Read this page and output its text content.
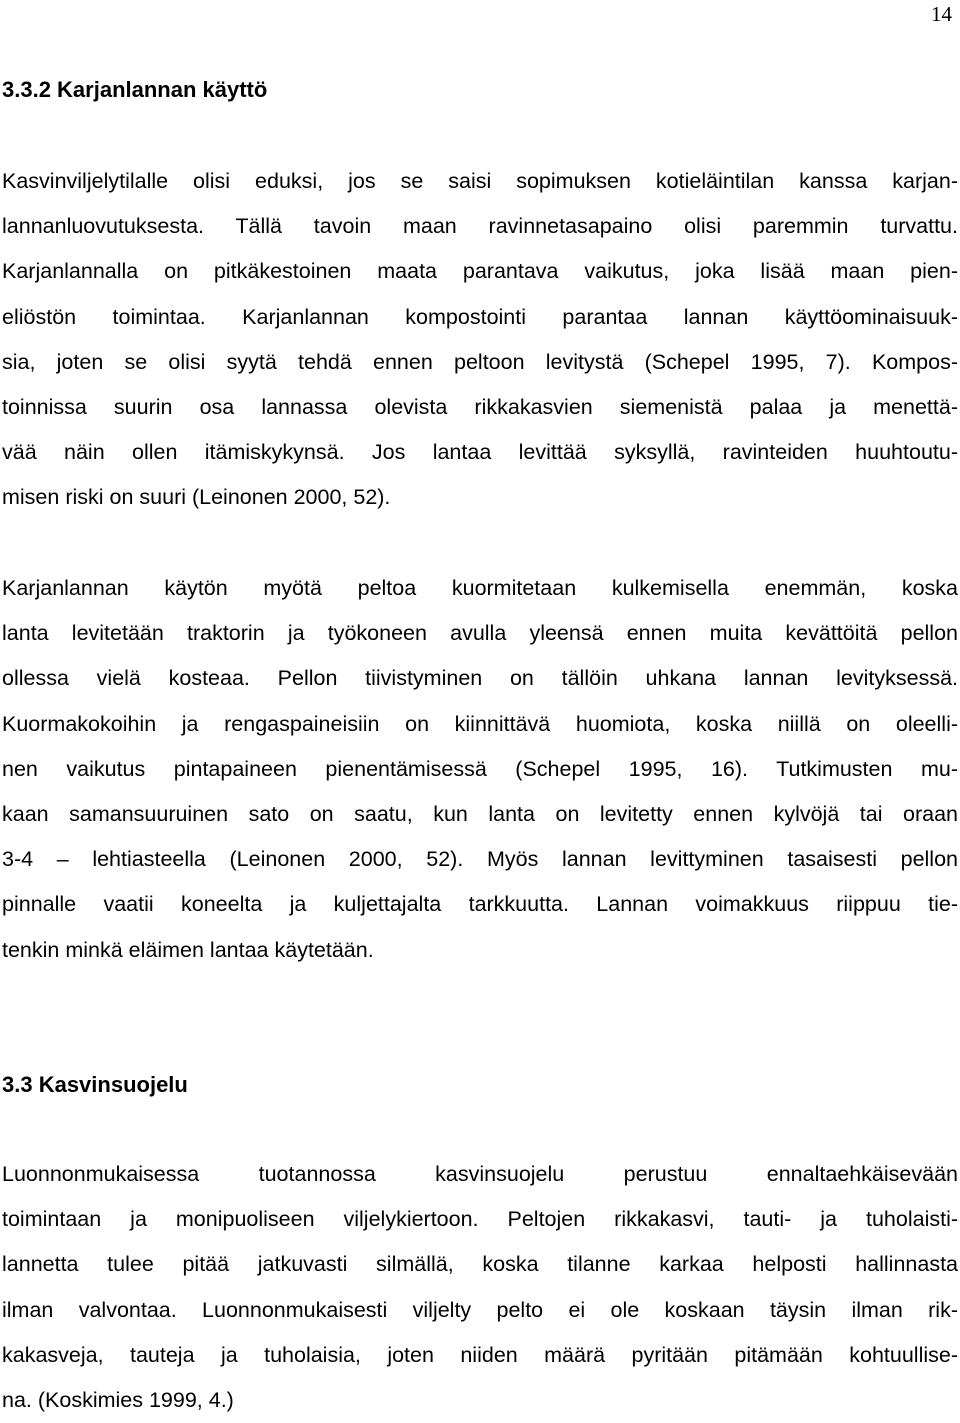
14
3.3.2 Karjanlannan käyttö
Kasvinviljelytilalle olisi eduksi, jos se saisi sopimuksen kotieläintilan kanssa karjan-
lannanluovutuksesta. Tällä tavoin maan ravinnetasapaino olisi paremmin turvattu.
Karjanlannalla on pitkäkestoinen maata parantava vaikutus, joka lisää maan pien-
eliöstön toimintaa. Karjanlannan kompostointi parantaa lannan käyttöominaisuuk-
sia, joten se olisi syytä tehdä ennen peltoon levitystä (Schepel 1995, 7). Kompos-
toinnissa suurin osa lannassa olevista rikkakasvien siemenistä palaa ja menettä-
vää näin ollen itämiskykynsä. Jos lantaa levittää syksyllä, ravinteiden huuhtoutu-
misen riski on suuri (Leinonen 2000, 52).
Karjanlannan käytön myötä peltoa kuormitetaan kulkemisella enemmän, koska
lanta levitetään traktorin ja työkoneen avulla yleensä ennen muita kevättöitä pellon
ollessa vielä kosteaa. Pellon tiivistyminen on tällöin uhkana lannan levityksessä.
Kuormakokoihin ja rengaspaineisiin on kiinnittävä huomiota, koska niillä on oleelli-
nen vaikutus pintapaineen pienentämisessä (Schepel 1995, 16). Tutkimusten mu-
kaan samansuuruinen sato on saatu, kun lanta on levitetty ennen kylvöjä tai oraan
3-4 – lehtiasteella (Leinonen 2000, 52). Myös lannan levittyminen tasaisesti pellon
pinnalle vaatii koneelta ja kuljettajalta tarkkuutta. Lannan voimakkuus riippuu tie-
tenkin minkä eläimen lantaa käytetään.
3.3 Kasvinsuojelu
Luonnonmukaisessa tuotannossa kasvinsuojelu perustuu ennaltaehkäisevään
toimintaan ja monipuoliseen viljelykiertoon. Peltojen rikkakasvi, tauti- ja tuholaisti-
lannetta tulee pitää jatkuvasti silmällä, koska tilanne karkaa helposti hallinnasta
ilman valvontaa. Luonnonmukaisesti viljelty pelto ei ole koskaan täysin ilman rik-
kakasveja, tauteja ja tuholaisia, joten niiden määrä pyritään pitämään kohtuullise-
na. (Koskimies 1999, 4.)
